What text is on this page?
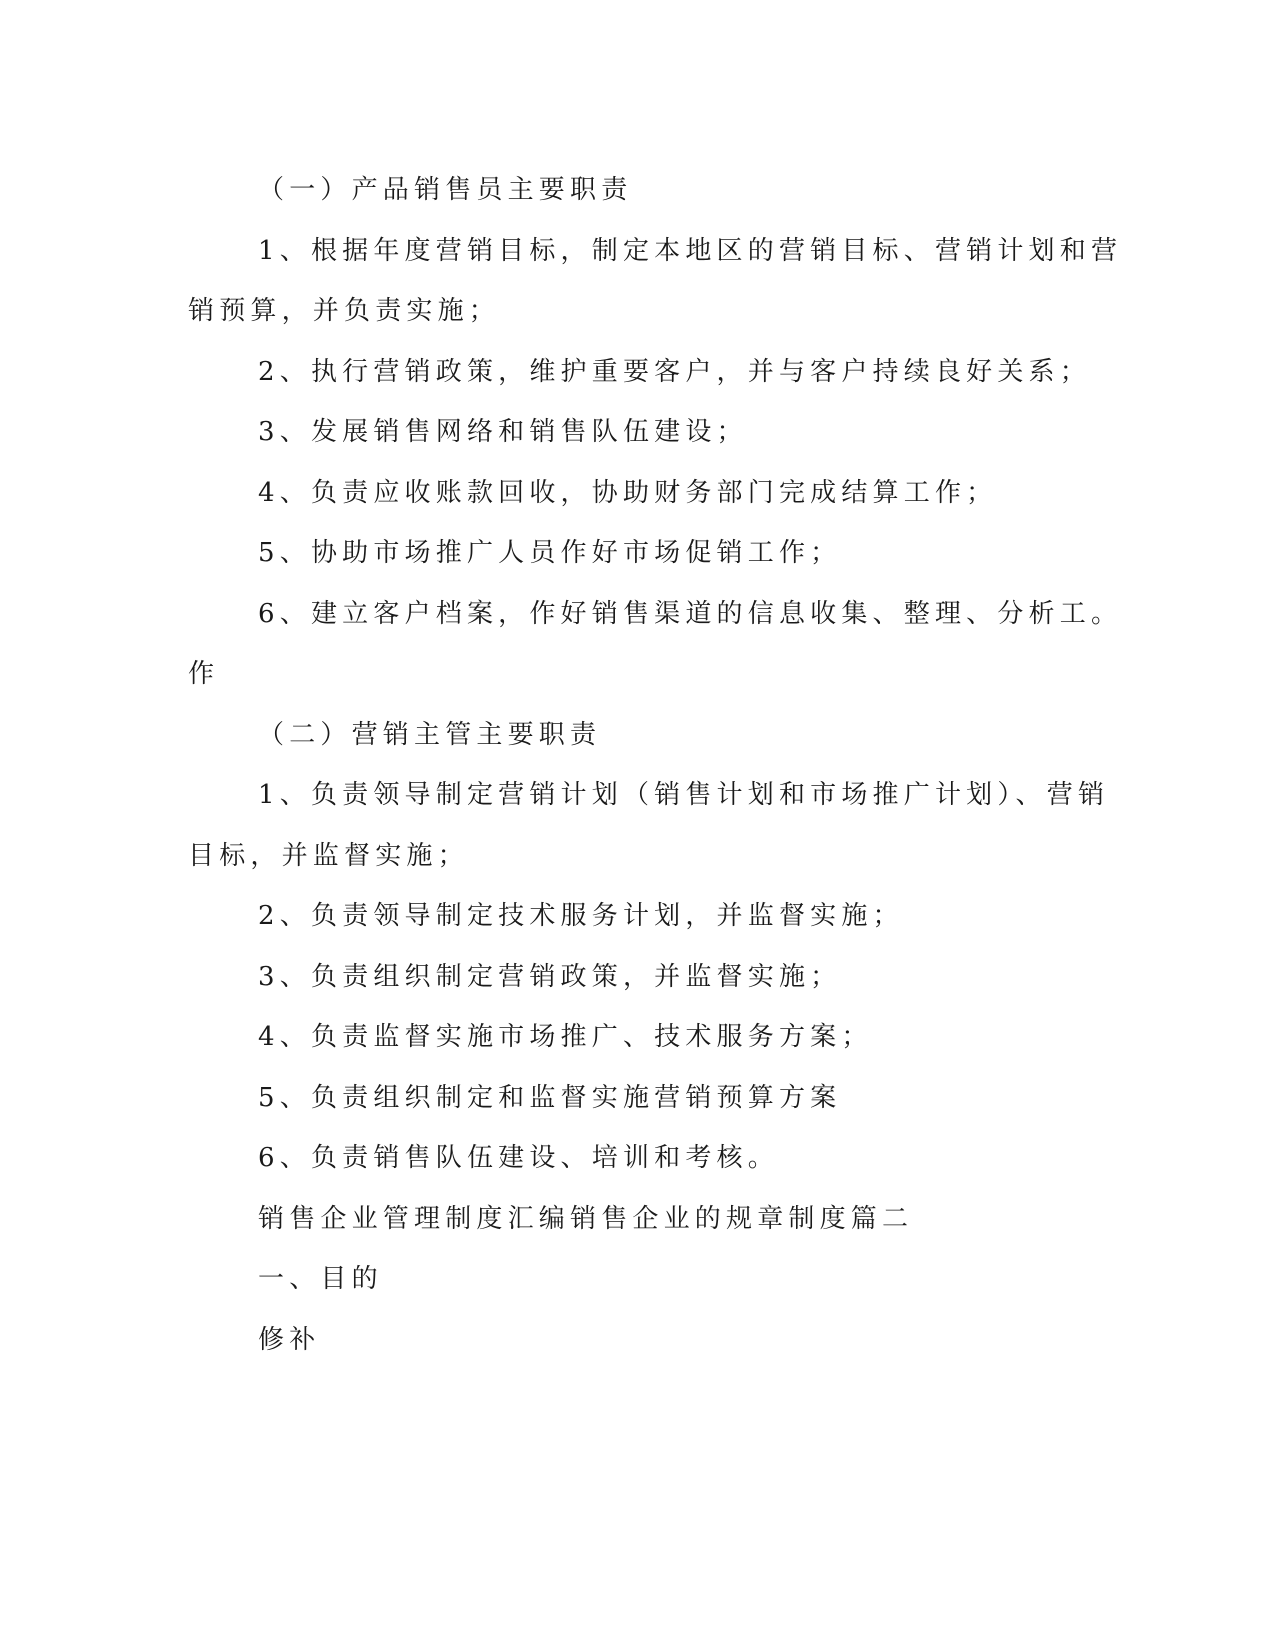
（一）产品销售员主要职责
1、根据年度营销目标，制定本地区的营销目标、营销计划和营
销预算，并负责实施；
2、执行营销政策，维护重要客户，并与客户持续良好关系；
3、发展销售网络和销售队伍建设；
4、负责应收账款回收，协助财务部门完成结算工作；
5、协助市场推广人员作好市场促销工作；
6、建立客户档案，作好销售渠道的信息收集、整理、分析工。
作
（二）营销主管主要职责
1、负责领导制定营销计划（销售计划和市场推广计划）、营销
目标，并监督实施；
2、负责领导制定技术服务计划，并监督实施；
3、负责组织制定营销政策，并监督实施；
4、负责监督实施市场推广、技术服务方案；
5、负责组织制定和监督实施营销预算方案
6、负责销售队伍建设、培训和考核。
销售企业管理制度汇编销售企业的规章制度篇二
一、目的
修补
